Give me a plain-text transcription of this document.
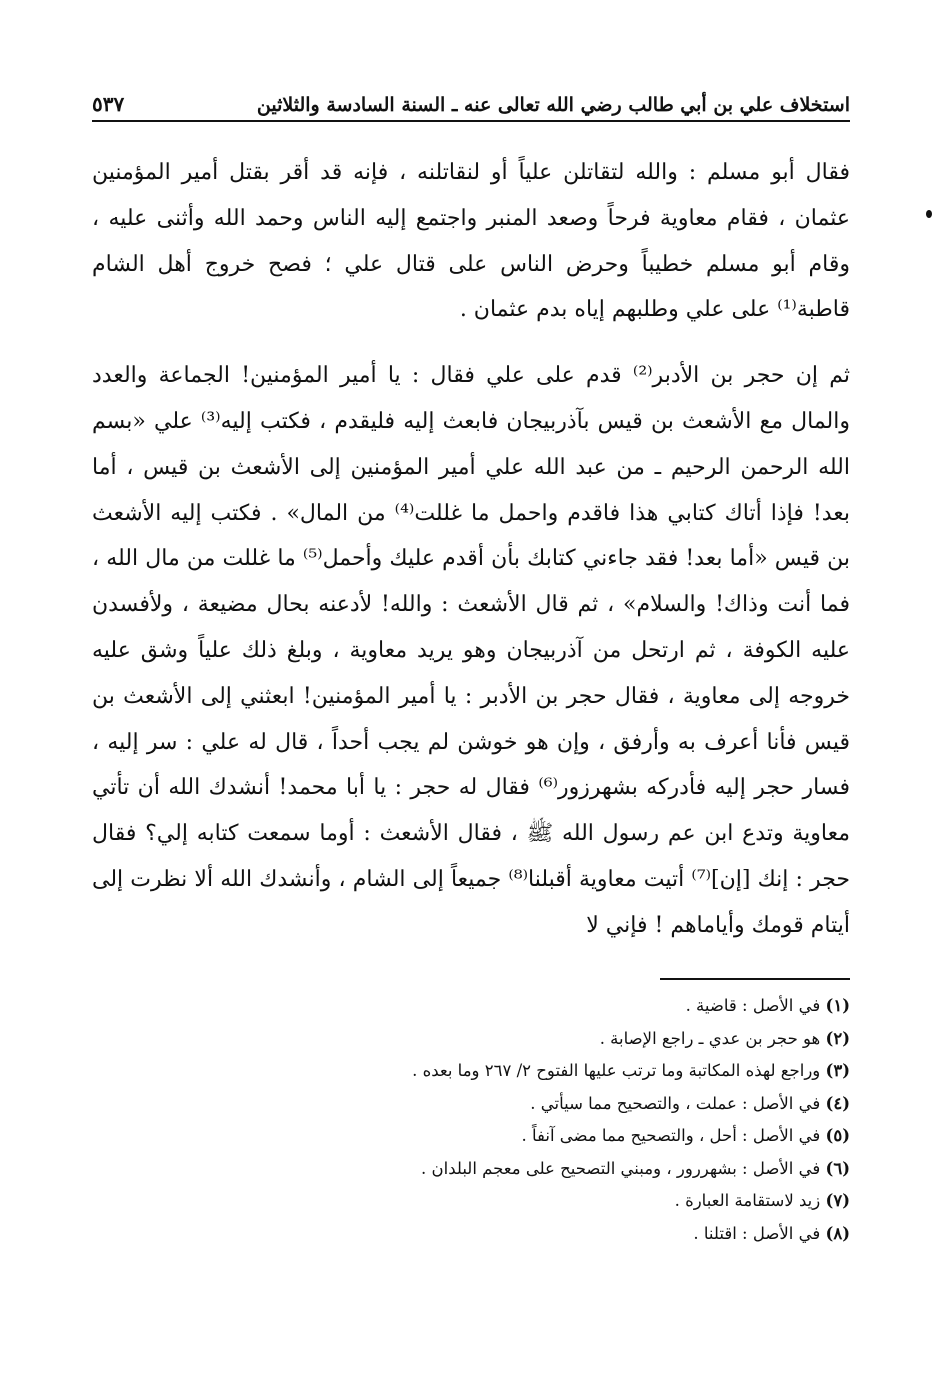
استخلاف علي بن أبي طالب رضي الله تعالى عنه ـ السنة السادسة والثلاثين
٥٣٧

فقال أبو مسلم : والله لتقاتلن علياً أو لنقاتلنه ، فإنه قد أقر بقتل أمير المؤمنين عثمان ، فقام معاوية فرحاً وصعد المنبر واجتمع إليه الناس وحمد الله وأثنى عليه ، وقام أبو مسلم خطيباً وحرض الناس على قتال علي ؛ فصح خروج أهل الشام قاطبة⁽¹⁾ على علي وطلبهم إياه بدم عثمان .

ثم إن حجر بن الأدبر⁽²⁾ قدم على علي فقال : يا أمير المؤمنين! الجماعة والعدد والمال مع الأشعث بن قيس بآذربيجان فابعث إليه فليقدم ، فكتب إليه⁽³⁾ علي «بسم الله الرحمن الرحيم ـ من عبد الله علي أمير المؤمنين إلى الأشعث بن قيس ، أما بعد! فإذا أتاك كتابي هذا فاقدم واحمل ما غللت⁽⁴⁾ من المال» . فكتب إليه الأشعث بن قيس «أما بعد! فقد جاءني كتابك بأن أقدم عليك وأحمل⁽⁵⁾ ما غللت من مال الله ، فما أنت وذاك! والسلام» ، ثم قال الأشعث : والله! لأدعنه بحال مضيعة ، ولأفسدن عليه الكوفة ، ثم ارتحل من آذربيجان وهو يريد معاوية ، وبلغ ذلك علياً وشق عليه خروجه إلى معاوية ، فقال حجر بن الأدبر : يا أمير المؤمنين! ابعثني إلى الأشعث بن قيس فأنا أعرف به وأرفق ، وإن هو خوشن لم يجب أحداً ، قال له علي : سر إليه ، فسار حجر إليه فأدركه بشهرزور⁽⁶⁾ فقال له حجر : يا أبا محمد! أنشدك الله أن تأتي معاوية وتدع ابن عم رسول الله ﷺ ، فقال الأشعث : أوما سمعت كتابه إلي؟ فقال حجر : إنك [إن]⁽⁷⁾ أتيت معاوية أقبلنا⁽⁸⁾ جميعاً إلى الشام ، وأنشدك الله ألا نظرت إلى أيتام قومك وأياماهم ! فإني لا

(١) في الأصل : قاضية .
(٢) هو حجر بن عدي ـ راجع الإصابة .
(٣) وراجع لهذه المكاتبة وما ترتب عليها الفتوح ٢/ ٢٦٧ وما بعده .
(٤) في الأصل : عملت ، والتصحيح مما سيأتي .
(٥) في الأصل : أحل ، والتصحيح مما مضى آنفاً .
(٦) في الأصل : بشهررور ، ومبني التصحيح على معجم البلدان .
(٧) زيد لاستقامة العبارة .
(٨) في الأصل : اقتلنا .
